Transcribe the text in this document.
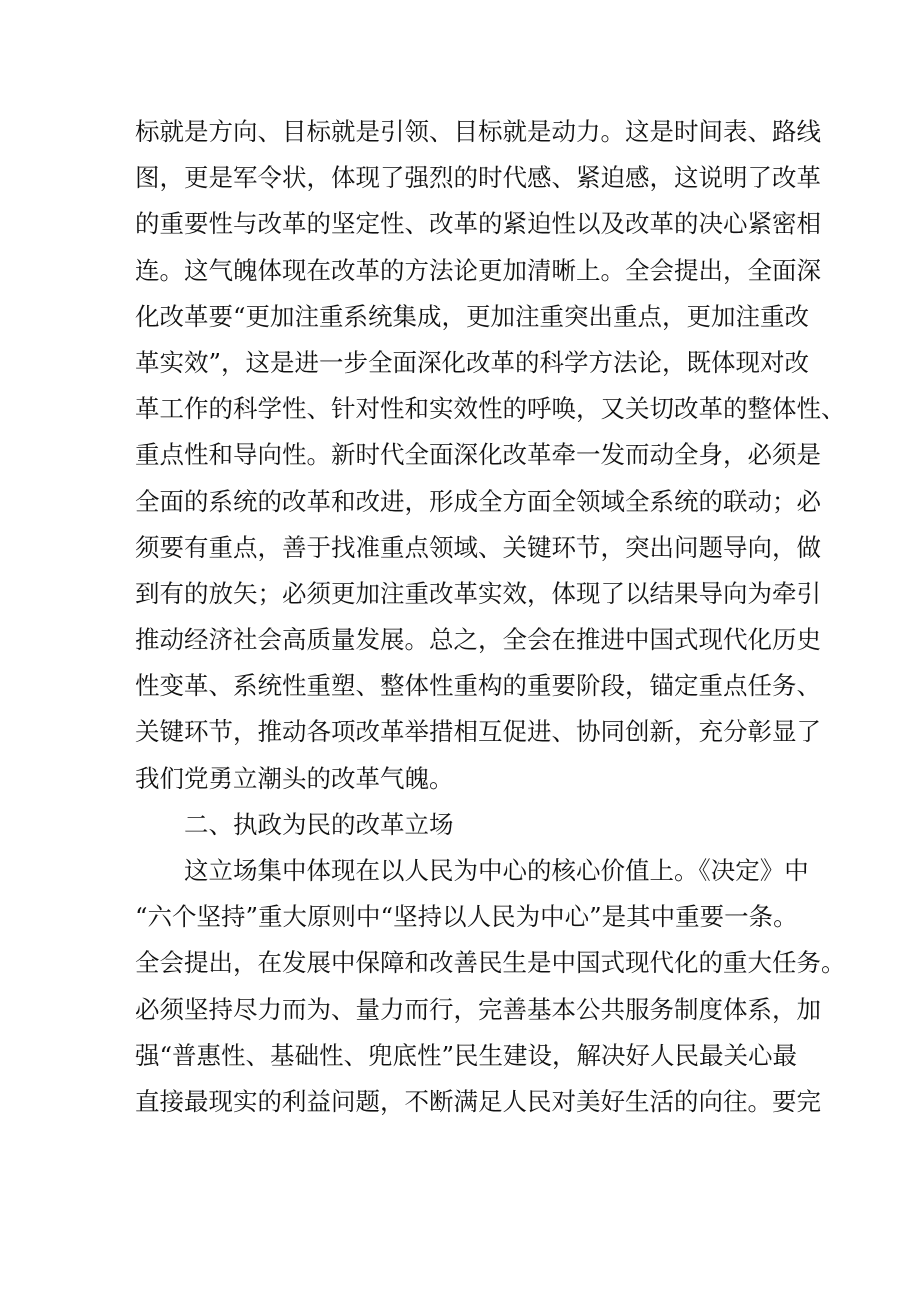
标就是方向、目标就是引领、目标就是动力。这是时间表、路线
图，更是军令状，体现了强烈的时代感、紧迫感，这说明了改革
的重要性与改革的坚定性、改革的紧迫性以及改革的决心紧密相
连。这气魄体现在改革的方法论更加清晰上。全会提出，全面深
化改革要“更加注重系统集成，更加注重突出重点，更加注重改
革实效”，这是进一步全面深化改革的科学方法论，既体现对改
革工作的科学性、针对性和实效性的呼唤，又关切改革的整体性、
重点性和导向性。新时代全面深化改革牵一发而动全身，必须是
全面的系统的改革和改进，形成全方面全领域全系统的联动；必
须要有重点，善于找准重点领域、关键环节，突出问题导向，做
到有的放矢；必须更加注重改革实效，体现了以结果导向为牵引
推动经济社会高质量发展。总之，全会在推进中国式现代化历史
性变革、系统性重塑、整体性重构的重要阶段，锚定重点任务、
关键环节，推动各项改革举措相互促进、协同创新，充分彰显了
我们党勇立潮头的改革气魄。
二、执政为民的改革立场
这立场集中体现在以人民为中心的核心价值上。《决定》中
“六个坚持”重大原则中“坚持以人民为中心”是其中重要一条。
全会提出，在发展中保障和改善民生是中国式现代化的重大任务。
必须坚持尽力而为、量力而行，完善基本公共服务制度体系，加
强“普惠性、基础性、兜底性”民生建设，解决好人民最关心最
直接最现实的利益问题，不断满足人民对美好生活的向往。要完
